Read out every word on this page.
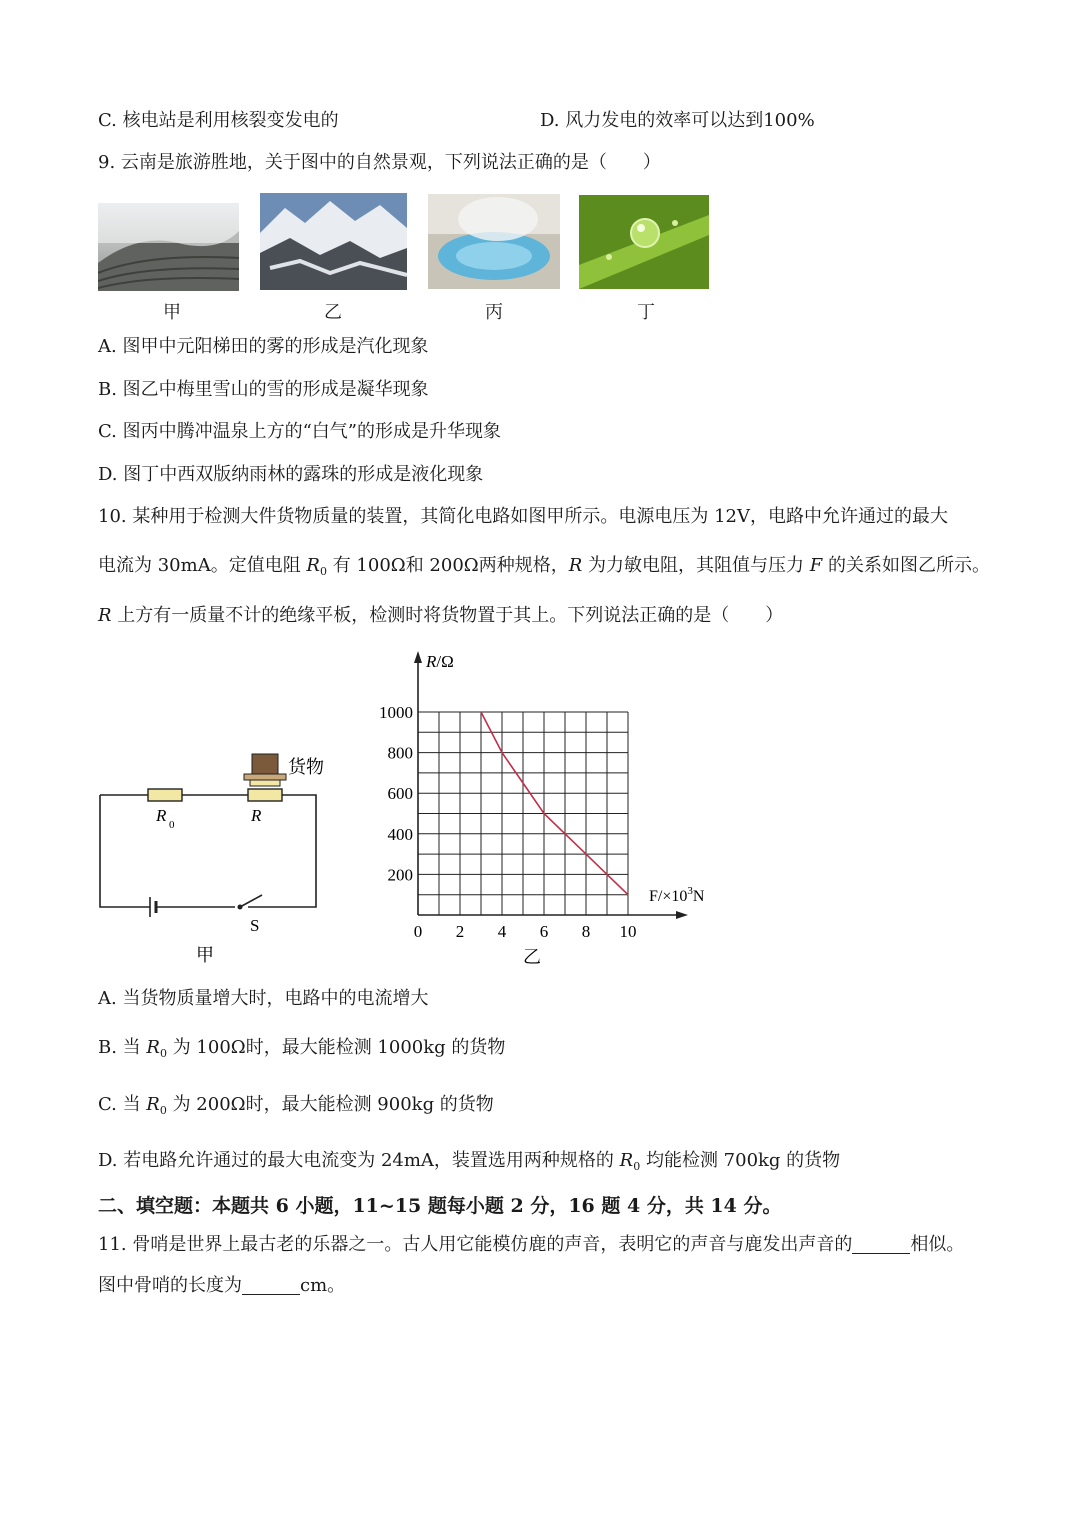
C. 核电站是利用核裂变发电的	D. 风力发电的效率可以达到100%
9. 云南是旅游胜地，关于图中的自然景观，下列说法正确的是（　　）
甲	乙	丙	丁
A. 图甲中元阳梯田的雾的形成是汽化现象
B. 图乙中梅里雪山的雪的形成是凝华现象
C. 图丙中腾冲温泉上方的“白气”的形成是升华现象
D. 图丁中西双版纳雨林的露珠的形成是液化现象
10. 某种用于检测大件货物质量的装置，其简化电路如图甲所示。电源电压为 12V，电路中允许通过的最大
电流为 30mA。定值电阻 $R_0$ 有 100Ω和 200Ω两种规格，R 为力敏电阻，其阻值与压力 F 的关系如图乙所示。
R 上方有一质量不计的绝缘平板，检测时将货物置于其上。下列说法正确的是（　　）
货物
R 0	R
S
甲
0 2 4 6 8 10
200
400
600
800
1000
R/Ω
$F/\times 10^3N$
乙
A. 当货物质量增大时，电路中的电流增大
B. 当 $R_0$ 为 100Ω时，最大能检测 1000kg 的货物
C. 当 $R_0$ 为 200Ω时，最大能检测 900kg 的货物
D. 若电路允许通过的最大电流变为 24mA，装置选用两种规格的 $R_0$ 均能检测 700kg 的货物
二、填空题：本题共 6 小题，11~15 题每小题 2 分，16 题 4 分，共 14 分。
11. 骨哨是世界上最古老的乐器之一。古人用它能模仿鹿的声音，表明它的声音与鹿发出声音的	相似。
图中骨哨的长度为	cm。
